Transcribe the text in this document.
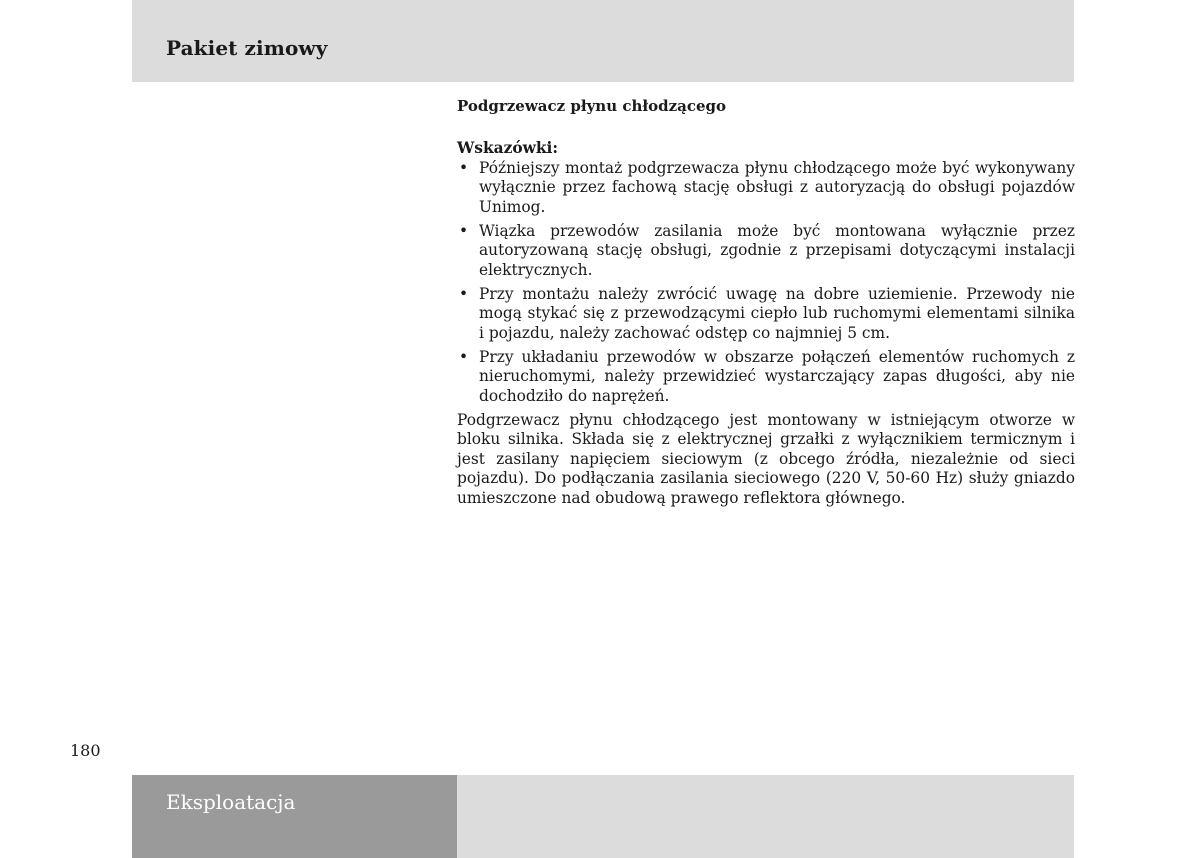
Pakiet zimowy
Podgrzewacz płynu chłodzącego

Wskazówki:

• Późniejszy montaż podgrzewacza płynu chłodzącego może być wykonywany wyłącznie przez fachową stację obsługi z autoryzacją do obsługi pojazdów Unimog.
• Wiązka przewodów zasilania może być montowana wyłącznie przez autoryzowaną stację obsługi, zgodnie z przepisami dotyczącymi instalacji elektrycznych.
• Przy montażu należy zwrócić uwagę na dobre uziemienie. Przewody nie mogą stykać się z przewodzącymi ciepło lub ruchomymi elementami silnika i pojazdu, należy zachować odstęp co najmniej 5 cm.
• Przy układaniu przewodów w obszarze połączeń elementów ruchomych z nieruchomymi, należy przewidzieć wystarczający zapas długości, aby nie dochodziło do naprężeń.

Podgrzewacz płynu chłodzącego jest montowany w istniejącym otworze w bloku silnika. Składa się z elektrycznej grzałki z wyłącznikiem termicznym i jest zasilany napięciem sieciowym (z obcego źródła, niezależnie od sieci pojazdu). Do podłączania zasilania sieciowego (220 V, 50-60 Hz) służy gniazdo umieszczone nad obudową prawego reflektora głównego.

180
Eksploatacja
